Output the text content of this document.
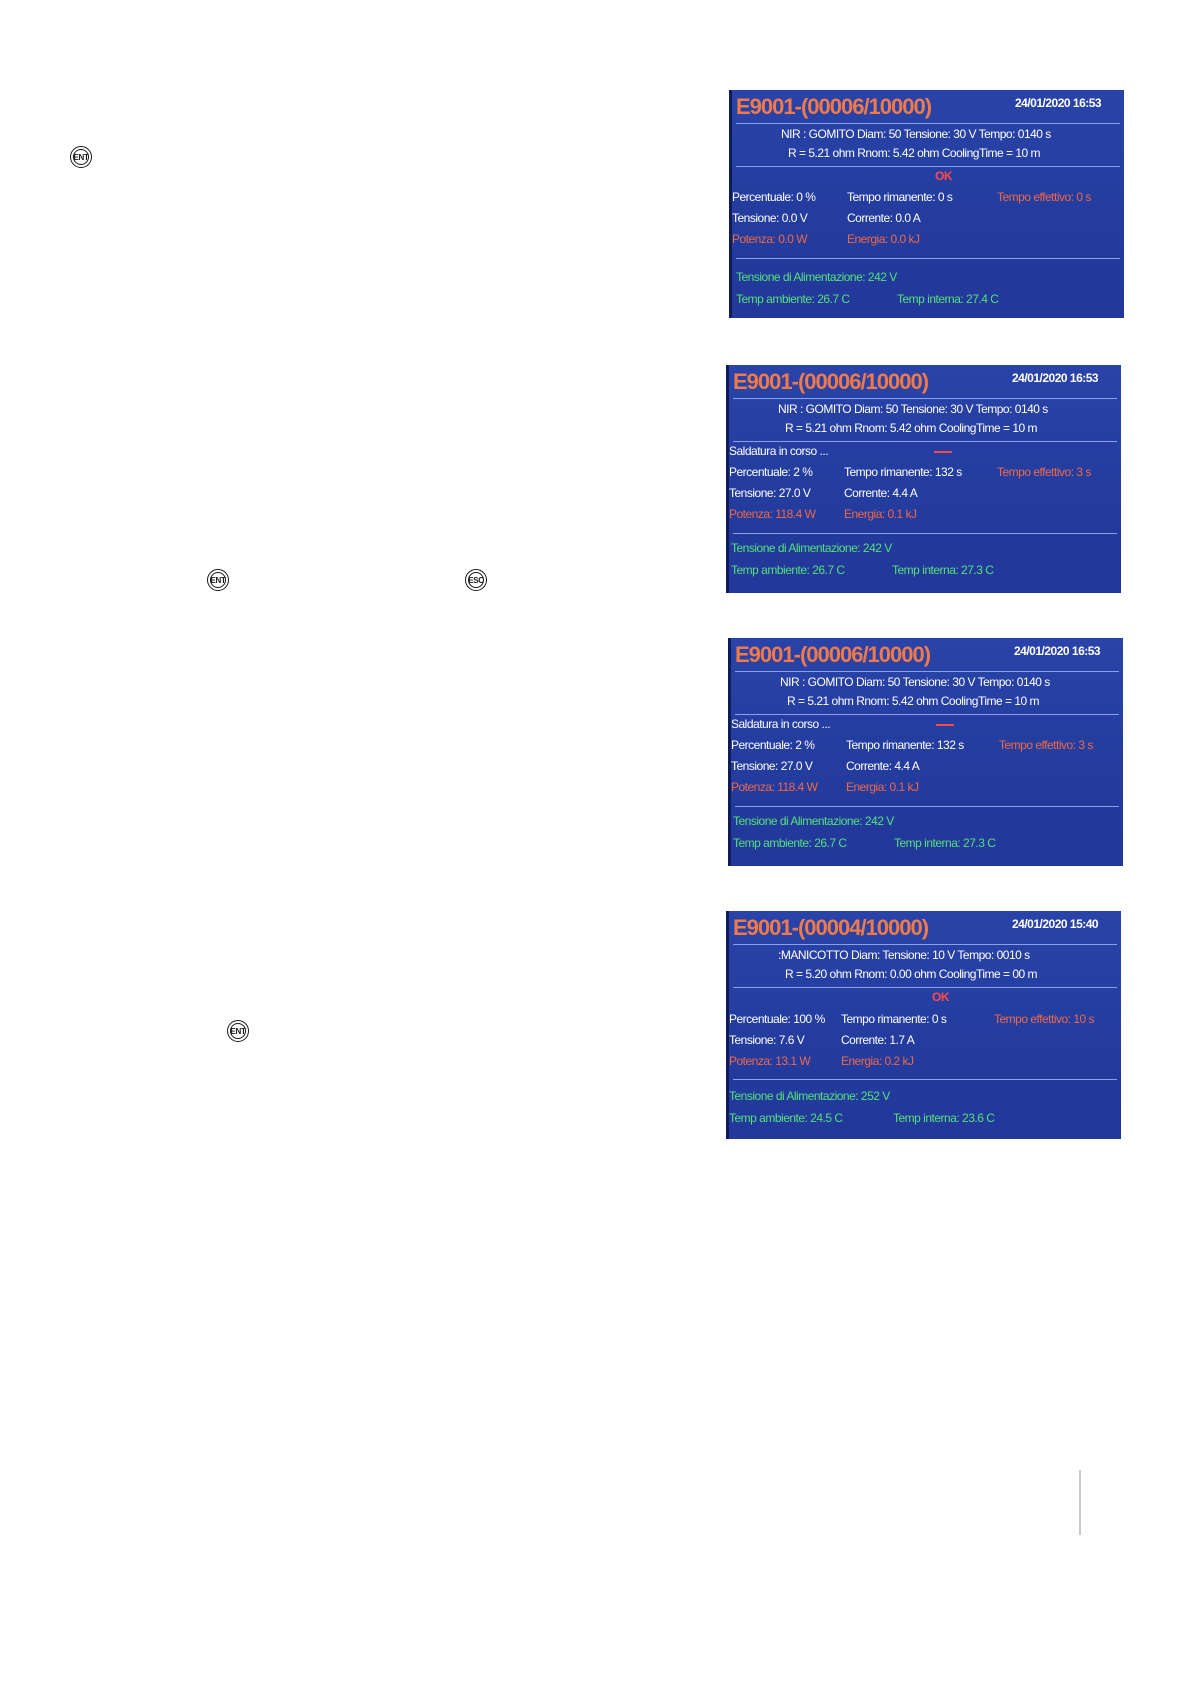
ENT
ENT	ESC
ENT
E9001-(00006/10000)	24/01/2020 16:53
NIR : GOMITO Diam: 50 Tensione: 30 V Tempo: 0140 s
R = 5.21 ohm Rnom: 5.42 ohm CoolingTime = 10 m
OK
Percentuale: 0 %	Tempo rimanente: 0 s	Tempo effettivo: 0 s
Tensione: 0.0 V	Corrente: 0.0 A
Potenza: 0.0 W	Energia: 0.0 kJ
Tensione di Alimentazione: 242 V
Temp ambiente: 26.7 C	Temp interna: 27.4 C
E9001-(00006/10000)	24/01/2020 16:53
NIR : GOMITO Diam: 50 Tensione: 30 V Tempo: 0140 s
R = 5.21 ohm Rnom: 5.42 ohm CoolingTime = 10 m
Saldatura in corso ...
Percentuale: 2 %	Tempo rimanente: 132 s	Tempo effettivo: 3 s
Tensione: 27.0 V	Corrente: 4.4 A
Potenza: 118.4 W Energia: 0.1 kJ
Tensione di Alimentazione: 242 V
Temp ambiente: 26.7 C	Temp interna: 27.3 C
E9001-(00006/10000)	24/01/2020 16:53
NIR : GOMITO Diam: 50 Tensione: 30 V Tempo: 0140 s
R = 5.21 ohm Rnom: 5.42 ohm CoolingTime = 10 m
Saldatura in corso ...
Percentuale: 2 %	Tempo rimanente: 132 s	Tempo effettivo: 3 s
Tensione: 27.0 V	Corrente: 4.4 A
Potenza: 118.4 W Energia: 0.1 kJ
Tensione di Alimentazione: 242 V
Temp ambiente: 26.7 C	Temp interna: 27.3 C
E9001-(00004/10000)	24/01/2020 15:40
:MANICOTTO Diam: Tensione: 10 V Tempo: 0010 s
R = 5.20 ohm Rnom: 0.00 ohm CoolingTime = 00 m
OK
Percentuale: 100 % Tempo rimanente: 0 s	Tempo effettivo: 10 s
Tensione: 7.6 V	Corrente: 1.7 A
Potenza: 13.1 W	Energia: 0.2 kJ
Tensione di Alimentazione: 252 V
Temp ambiente: 24.5 C	Temp interna: 23.6 C
